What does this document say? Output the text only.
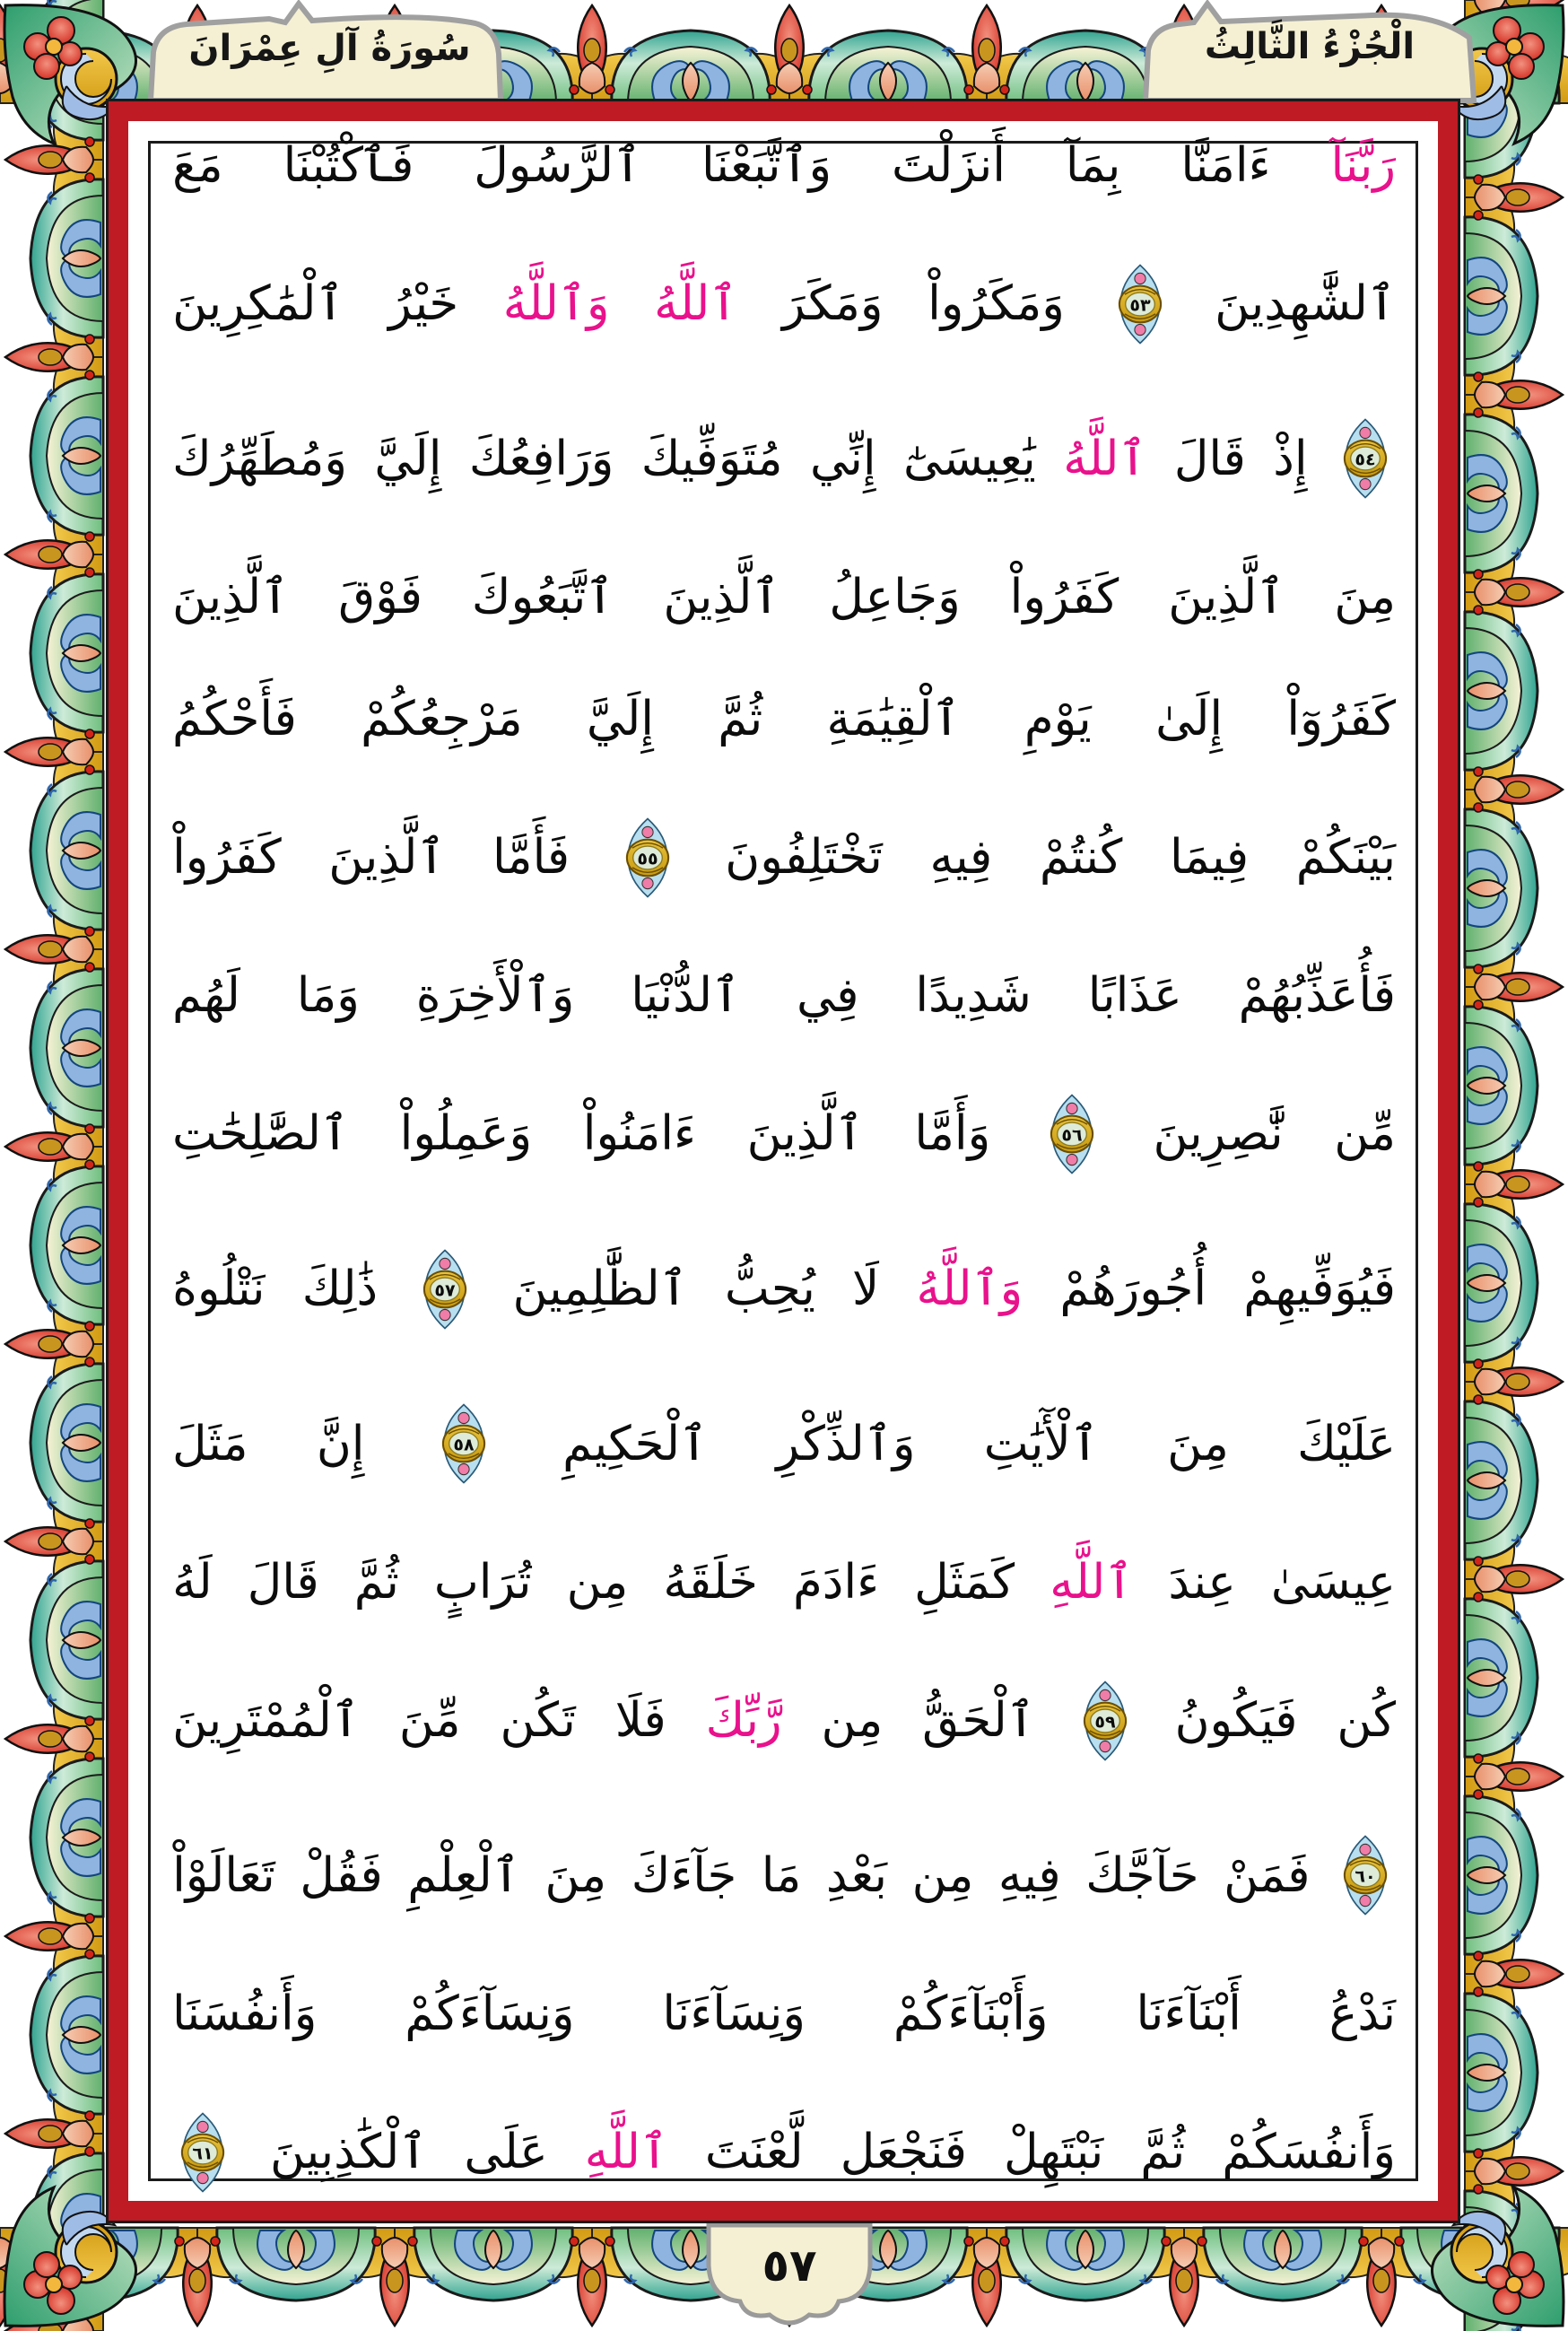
سُورَةُ آلِ عِمْرَانَ	الْجُزْءُ الثَّالِثُ
رَبَّنَآ
ءَامَنَّا
بِمَآ
أَنزَلْتَ
وَٱتَّبَعْنَا
ٱلرَّسُولَ
فَٱكْتُبْنَا
مَعَ
ٱلشَّٰهِدِينَ
٥٣
وَمَكَرُواْ
وَمَكَرَ
ٱللَّهُ
وَٱللَّهُ
خَيْرُ
ٱلْمَٰكِرِينَ
٥٤
إِذْ
قَالَ
ٱللَّهُ
يَٰعِيسَىٰٓ
إِنِّي
مُتَوَفِّيكَ
وَرَافِعُكَ
إِلَيَّ
وَمُطَهِّرُكَ
مِنَ
ٱلَّذِينَ
كَفَرُواْ
وَجَاعِلُ
ٱلَّذِينَ
ٱتَّبَعُوكَ
فَوْقَ
ٱلَّذِينَ
كَفَرُوٓاْ
إِلَىٰ
يَوْمِ
ٱلْقِيَٰمَةِ
ثُمَّ
إِلَيَّ
مَرْجِعُكُمْ
فَأَحْكُمُ
بَيْنَكُمْ
فِيمَا
كُنتُمْ
فِيهِ
تَخْتَلِفُونَ
٥٥
فَأَمَّا
ٱلَّذِينَ
كَفَرُواْ
فَأُعَذِّبُهُمْ
عَذَابًا
شَدِيدًا
فِي
ٱلدُّنْيَا
وَٱلْأَخِرَةِ
وَمَا
لَهُم
مِّن
نَّٰصِرِينَ
٥٦
وَأَمَّا
ٱلَّذِينَ
ءَامَنُواْ
وَعَمِلُواْ
ٱلصَّٰلِحَٰتِ
فَيُوَفِّيهِمْ
أُجُورَهُمْ
وَٱللَّهُ
لَا
يُحِبُّ
ٱلظَّٰلِمِينَ
٥٧
ذَٰلِكَ
نَتْلُوهُ
عَلَيْكَ
مِنَ
ٱلْأٓيَٰتِ
وَٱلذِّكْرِ
ٱلْحَكِيمِ
٥٨
إِنَّ
مَثَلَ
عِيسَىٰ
عِندَ
ٱللَّهِ
كَمَثَلِ
ءَادَمَ
خَلَقَهُ
مِن
تُرَابٍ
ثُمَّ
قَالَ
لَهُ
كُن
فَيَكُونُ
٥٩
ٱلْحَقُّ
مِن
رَّبِّكَ
فَلَا
تَكُن
مِّنَ
ٱلْمُمْتَرِينَ
٦٠
فَمَنْ
حَآجَّكَ
فِيهِ
مِن
بَعْدِ
مَا
جَآءَكَ
مِنَ
ٱلْعِلْمِ
فَقُلْ
تَعَالَوْاْ
نَدْعُ
أَبْنَآءَنَا
وَأَبْنَآءَكُمْ
وَنِسَآءَنَا
وَنِسَآءَكُمْ
وَأَنفُسَنَا
وَأَنفُسَكُمْ
ثُمَّ
نَبْتَهِلْ
فَنَجْعَل
لَّعْنَتَ
ٱللَّهِ
عَلَى
ٱلْكَٰذِبِينَ
٦١
٥٧
